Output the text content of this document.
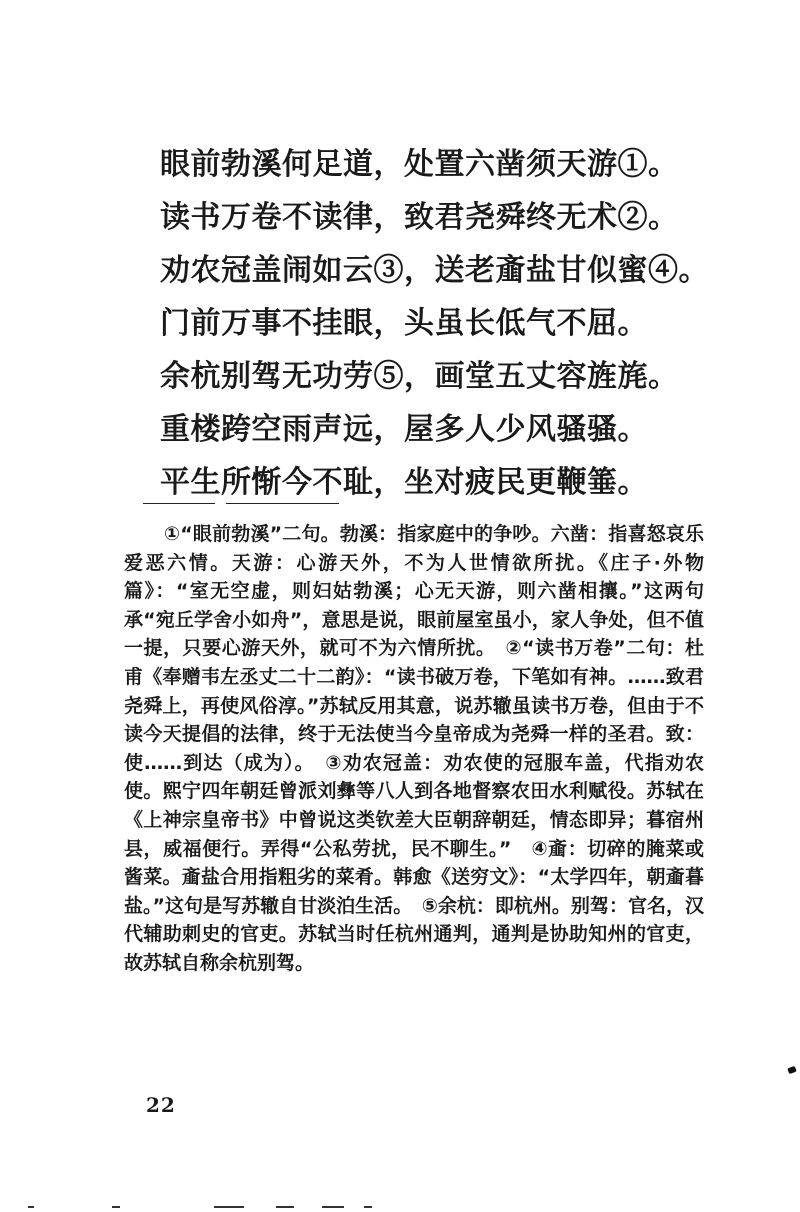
眼前勃溪何足道，处置六凿须天游①。
读书万卷不读律，致君尧舜终无术②。
劝农冠盖闹如云③，送老齑盐甘似蜜④。
门前万事不挂眼，头虽长低气不屈。
余杭别驾无功劳⑤，画堂五丈容旌旄。
重楼跨空雨声远，屋多人少风骚骚。
平生所惭今不耻，坐对疲民更鞭箠。
①“眼前勃溪”二句。勃溪：指家庭中的争吵。六凿：指喜怒哀乐爱恶六情。天游：心游天外，不为人世情欲所扰。《庄子·外物篇》：“室无空虚，则妇姑勃溪；心无天游，则六凿相攘。”这两句承“宛丘学舍小如舟”，意思是说，眼前屋室虽小，家人争处，但不值一提，只要心游天外，就可不为六情所扰。　②“读书万卷”二句：杜甫《奉赠韦左丞丈二十二韵》：“读书破万卷，下笔如有神。……致君尧舜上，再使风俗淳。”苏轼反用其意，说苏辙虽读书万卷，但由于不读今天提倡的法律，终于无法使当今皇帝成为尧舜一样的圣君。致：使……到达（成为）。　③劝农冠盖：劝农使的冠服车盖，代指劝农使。熙宁四年朝廷曾派刘彝等八人到各地督察农田水利赋役。苏轼在《上神宗皇帝书》中曾说这类钦差大臣朝辞朝廷，情态即异；暮宿州县，威福便行。弄得“公私劳扰，民不聊生。”　④齑：切碎的腌菜或酱菜。齑盐合用指粗劣的菜肴。韩愈《送穷文》：“太学四年，朝齑暮盐。”这句是写苏辙自甘淡泊生活。　⑤余杭：即杭州。别驾：官名，汉代辅助刺史的官吏。苏轼当时任杭州通判，通判是协助知州的官吏，故苏轼自称余杭别驾。
22
